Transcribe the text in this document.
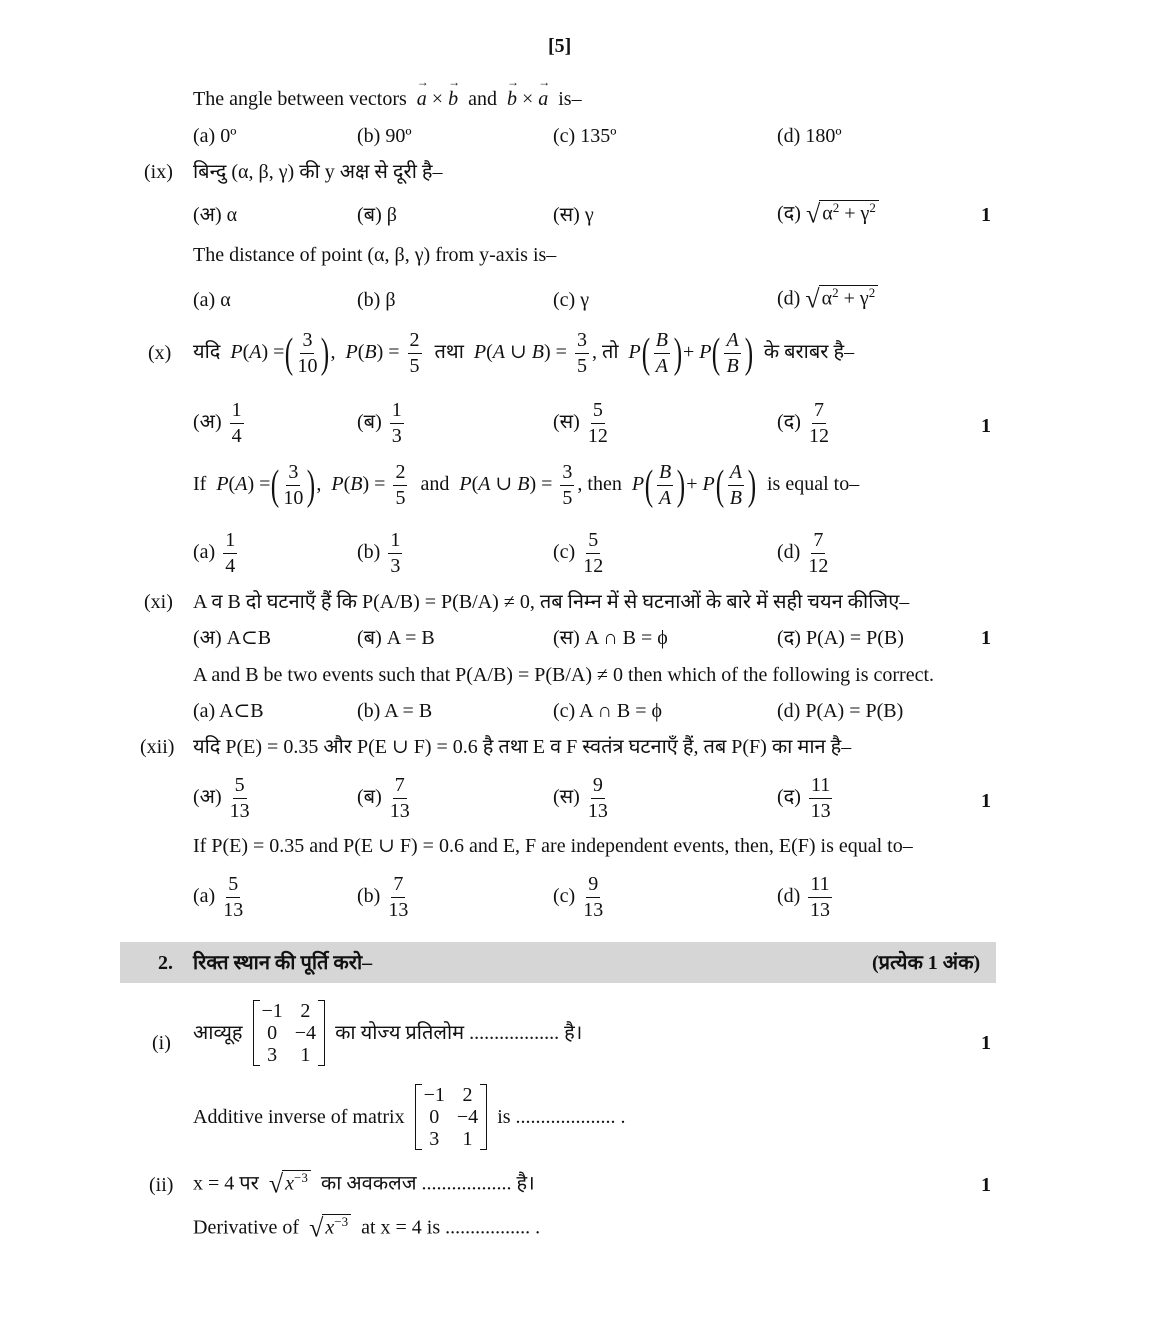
[5]
The angle between vectors → a × → b and → b × → a is–
(a) 0º	(b) 90º	(c) 135º	(d) 180º
(ix) बिन्दु (α, β, γ) की y अक्ष से दूरी है–
(अ) α	(ब) β	(स) γ	(द) √ $\alpha^2 + \gamma^2$	1
The distance of point (α, β, γ) from y-axis is–
(a) α	(b) β	(c) γ	(d) √ $\alpha^2 + \gamma^2$
(x) यदि P(A) =( $\frac{3}{10}$ ),  $P(B) = \frac{2}{5}$ तथा P(A ∪ $B) = \frac{3}{5}$ , तो $P( \frac{B}{A}$ )+ $P( \frac{A}{B}$ ) के बराबर है–
(अ) $\frac{1}{4}$	(ब) $\frac{1}{3}$	(स) $\frac{5}{12}$	(द) $\frac{7}{12}$	1
If P(A) =( $\frac{3}{10}$ ),  $P(B) = \frac{2}{5}$ and P(A ∪ $B) = \frac{3}{5}$ , then $P( \frac{B}{A}$ )+ $P( \frac{A}{B}$ ) is equal to–
$(a) \frac{1}{4}$	$(b) \frac{1}{3}$	$(c) \frac{5}{12}$	$(d) \frac{7}{12}$
(xi) A व B दो घटनाएँ हैं कि P(A/B) = P(B/A) ≠ 0, तब निम्न में से घटनाओं के बारे में सही चयन कीजिए–
(अ) A⊂B	(ब) A = B	(स) A ∩ B = ϕ	(द) P(A) = P(B)	1
A and B be two events such that P(A/B) = P(B/A) ≠ 0 then which of the following is correct.
(a) A⊂B	(b) A = B	(c) A ∩ B = ϕ	(d) P(A) = P(B)
(xii) यदि P(E) = 0.35 और P(E ∪ F) = 0.6 है तथा E व F स्वतंत्र घटनाएँ हैं, तब P(F) का मान है–
(अ) $\frac{5}{13}$	(ब) $\frac{7}{13}$	(स) $\frac{9}{13}$	(द) $\frac{11}{13}$	1
If P(E) = 0.35 and P(E ∪ F) = 0.6 and E, F are independent events, then, E(F) is equal to–
$(a) \frac{5}{13}$	$(b) \frac{7}{13}$	$(c) \frac{9}{13}$	$(d) \frac{11}{13}$
2. रिक्त स्थान की पूर्ति करो–	(प्रत्येक 1 अंक)
(i) आव्यूह
−1 2
0 −4
3 1
का योज्य प्रतिलोम .................. है।	1
Additive inverse of matrix
−1 2
0 −4
3 1
is .................... .
(ii) x = 4 पर √ $x^{-3}$ का अवकलज .................. है।	1
Derivative of √ $x^{-3}$ at x = 4 is ................. .
